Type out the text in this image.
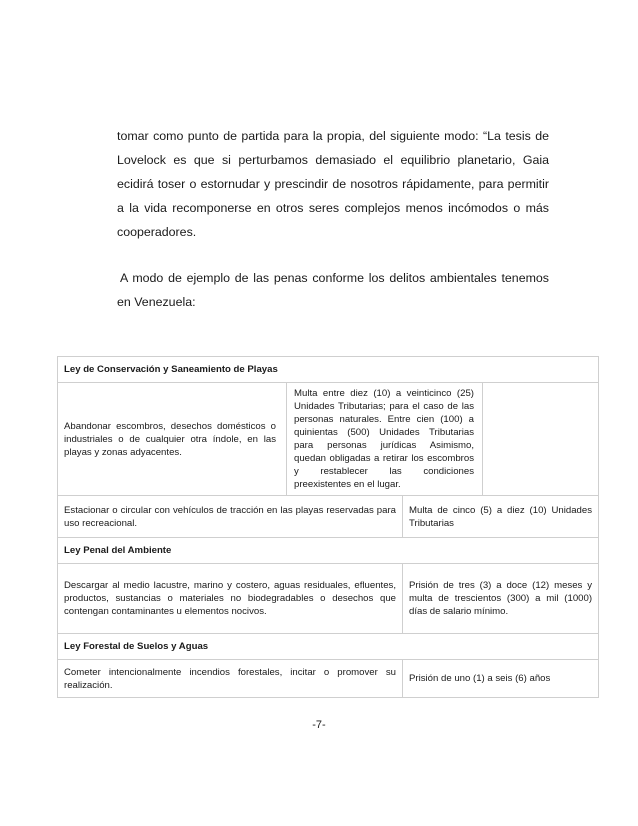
tomar como punto de partida para la propia, del siguiente modo: “La tesis de Lovelock es que si perturbamos demasiado el equilibrio planetario, Gaia ecidirá toser o estornudar y prescindir de nosotros rápidamente, para permitir a la vida recomponerse en otros seres complejos menos incómodos o más cooperadores.

A modo de ejemplo de las penas conforme los delitos ambientales tenemos en Venezuela:

Ley de Conservación y Saneamiento de Playas			
Abandonar escombros, desechos domésticos o industriales o de cualquier otra índole, en las playas y zonas adyacentes.	Multa entre diez (10) a veinticinco (25) Unidades Tributarias; para el caso de las personas naturales. Entre cien (100) a quinientas (500) Unidades Tributarias para personas jurídicas Asimismo, quedan obligadas a retirar los escombros y restablecer las condiciones preexistentes en el lugar.		
Estacionar o circular con vehículos de tracción en las playas reservadas para uso recreacional.		Multa de cinco (5) a diez (10) Unidades Tributarias	
Ley Penal del Ambiente			
Descargar al medio lacustre, marino y costero, aguas residuales, efluentes, productos, sustancias o materiales no biodegradables o desechos que contengan contaminantes u elementos nocivos.		Prisión de tres (3) a doce (12) meses y multa de trescientos (300) a mil (1000) días de salario mínimo.	
Ley Forestal de Suelos y Aguas			
Cometer intencionalmente incendios forestales, incitar o promover su realización.		Prisión de uno (1) a seis (6) años	
-7-
